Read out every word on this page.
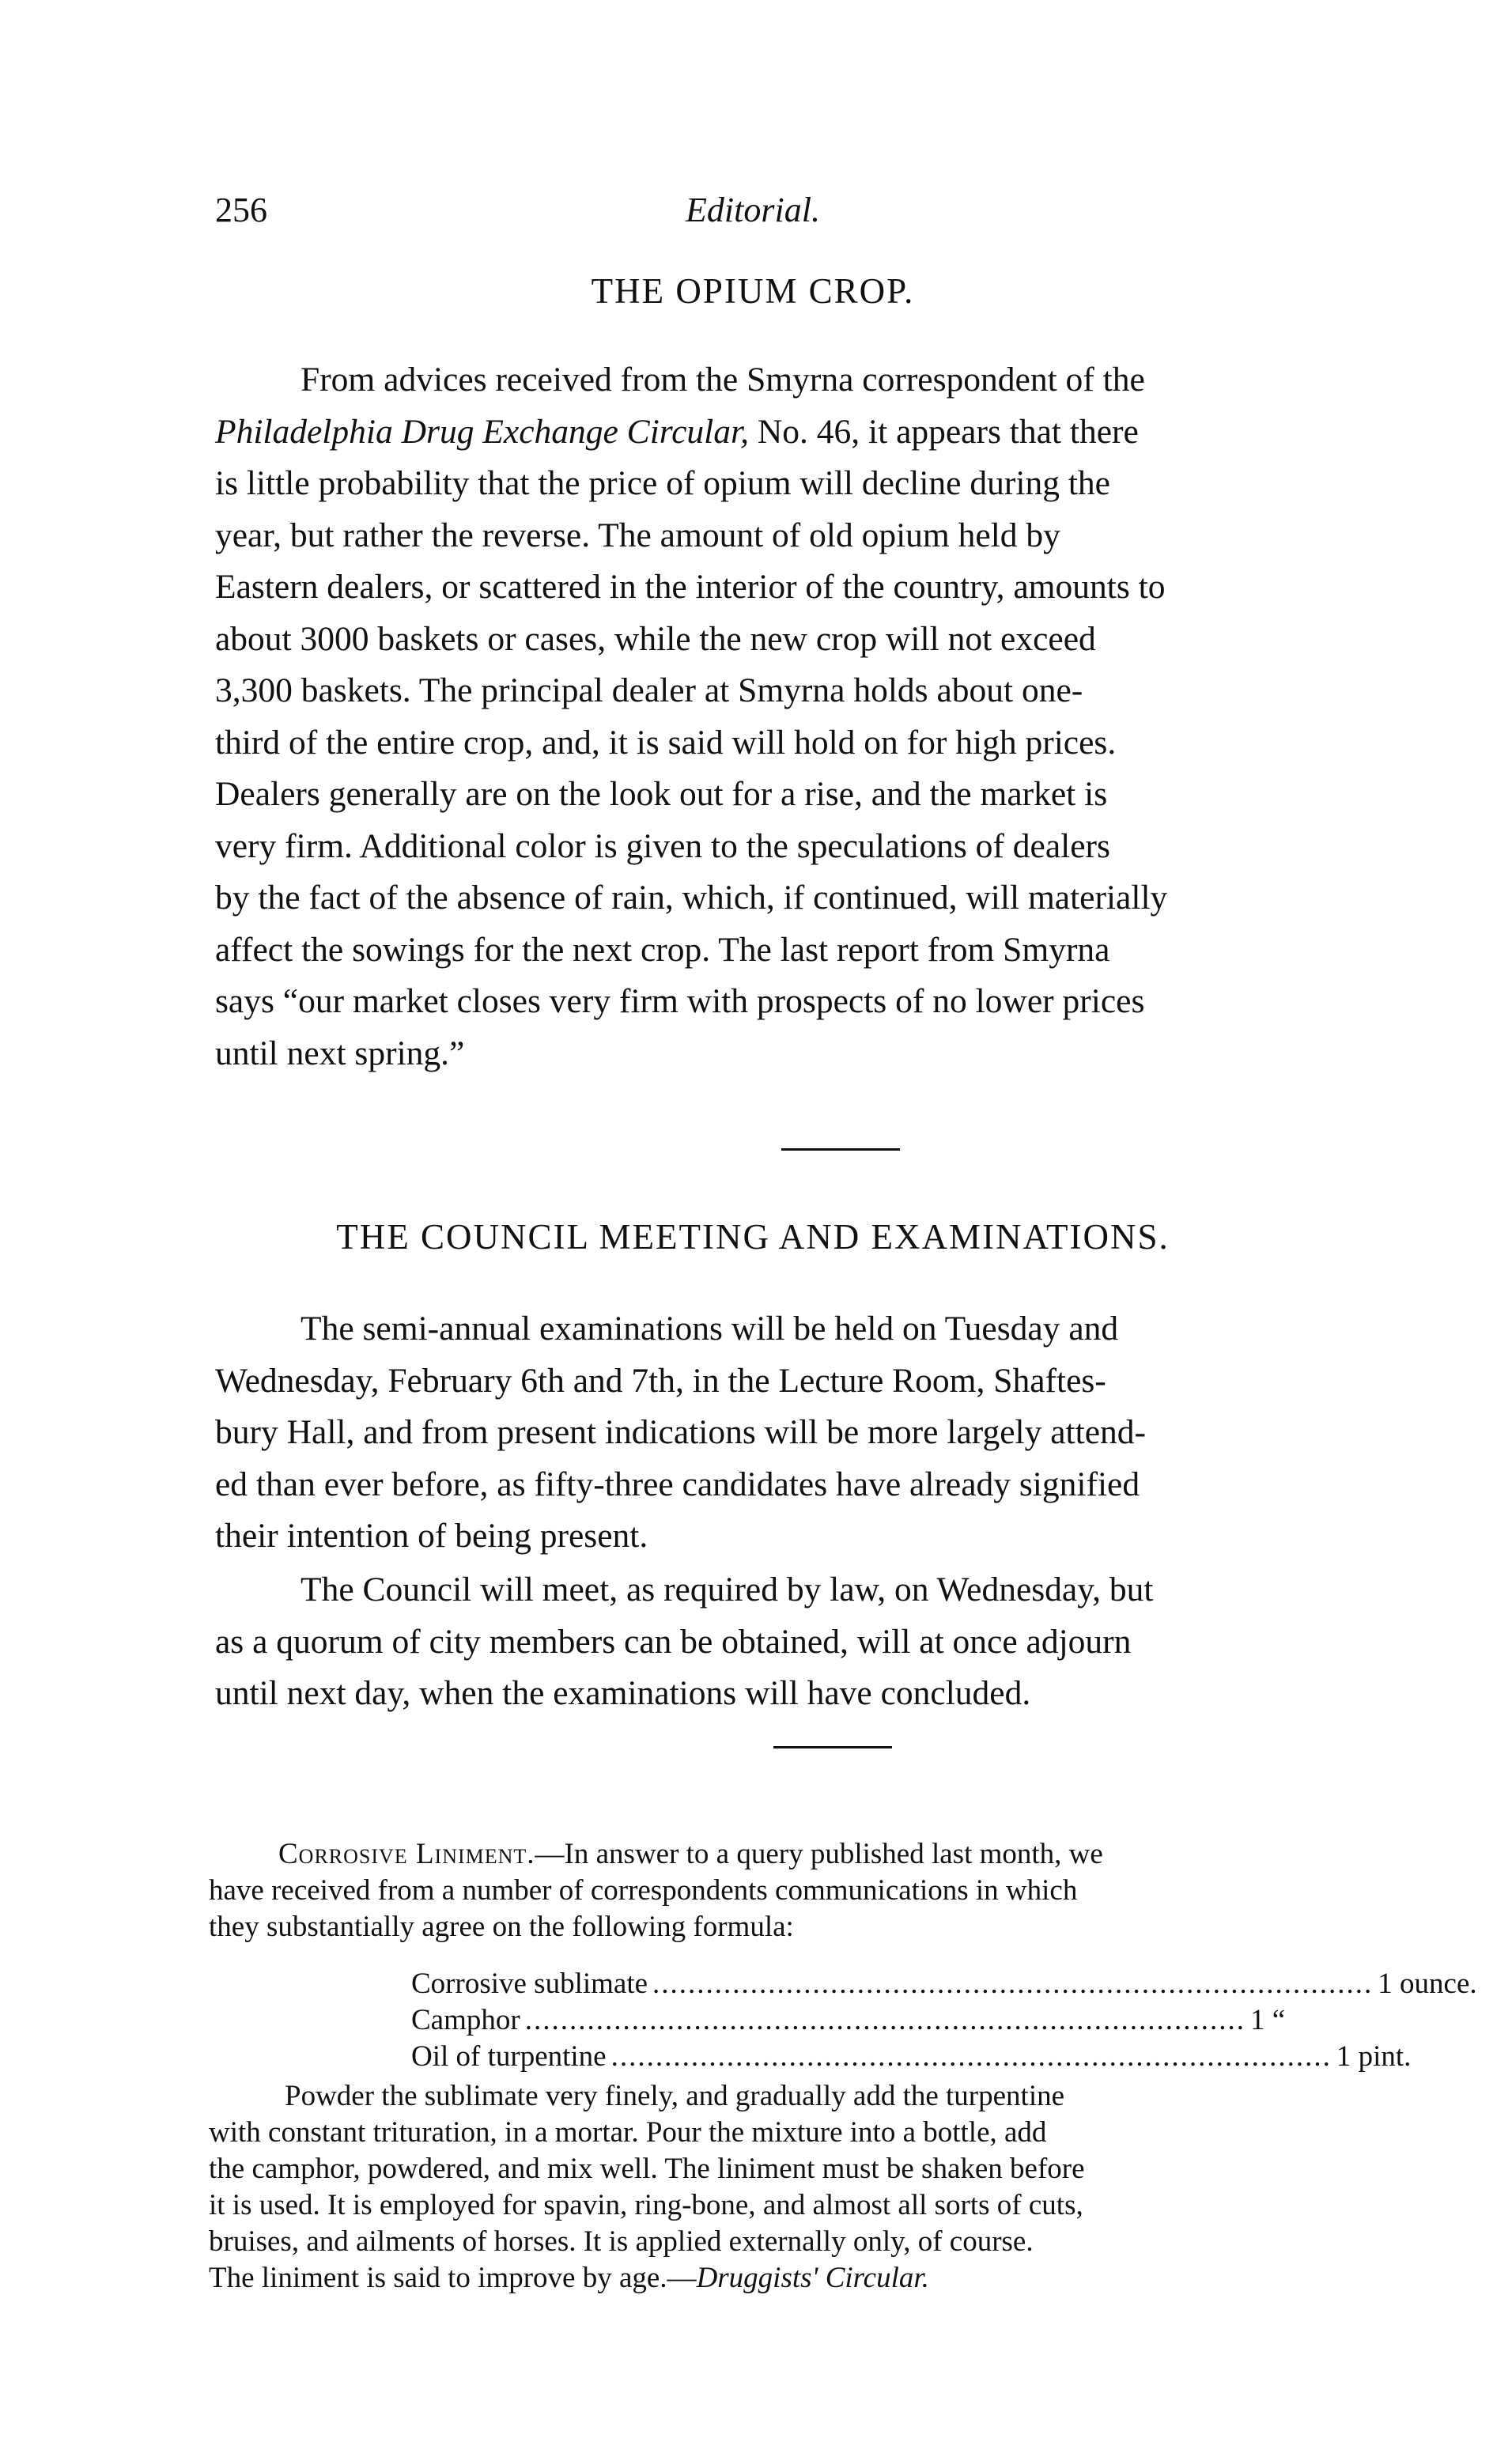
256	Editorial.
THE OPIUM CROP.
From advices received from the Smyrna correspondent of the
Philadelphia Drug Exchange Circular, No. 46, it appears that there
is little probability that the price of opium will decline during the
year, but rather the reverse. The amount of old opium held by
Eastern dealers, or scattered in the interior of the country, amounts to
about 3000 baskets or cases, while the new crop will not exceed
3,300 baskets. The principal dealer at Smyrna holds about one-
third of the entire crop, and, it is said will hold on for high prices.
Dealers generally are on the look out for a rise, and the market is
very firm. Additional color is given to the speculations of dealers
by the fact of the absence of rain, which, if continued, will materially
affect the sowings for the next crop. The last report from Smyrna
says “our market closes very firm with prospects of no lower prices
until next spring.”
THE COUNCIL MEETING AND EXAMINATIONS.
The semi-annual examinations will be held on Tuesday and
Wednesday, February 6th and 7th, in the Lecture Room, Shaftes-
bury Hall, and from present indications will be more largely attend-
ed than ever before, as fifty-three candidates have already signified
their intention of being present.
The Council will meet, as required by law, on Wednesday, but
as a quorum of city members can be obtained, will at once adjourn
until next day, when the examinations will have concluded.
Corrosive Liniment.—In answer to a query published last month, we
have received from a number of correspondents communications in which
they substantially agree on the following formula:
Corrosive sublimate ................................................................................. 1 ounce.
Camphor ................................................................................. 1 “
Oil of turpentine ................................................................................. 1 pint.
Powder the sublimate very finely, and gradually add the turpentine
with constant trituration, in a mortar. Pour the mixture into a bottle, add
the camphor, powdered, and mix well. The liniment must be shaken before
it is used. It is employed for spavin, ring-bone, and almost all sorts of cuts,
bruises, and ailments of horses. It is applied externally only, of course.
The liniment is said to improve by age.—Druggists' Circular.
